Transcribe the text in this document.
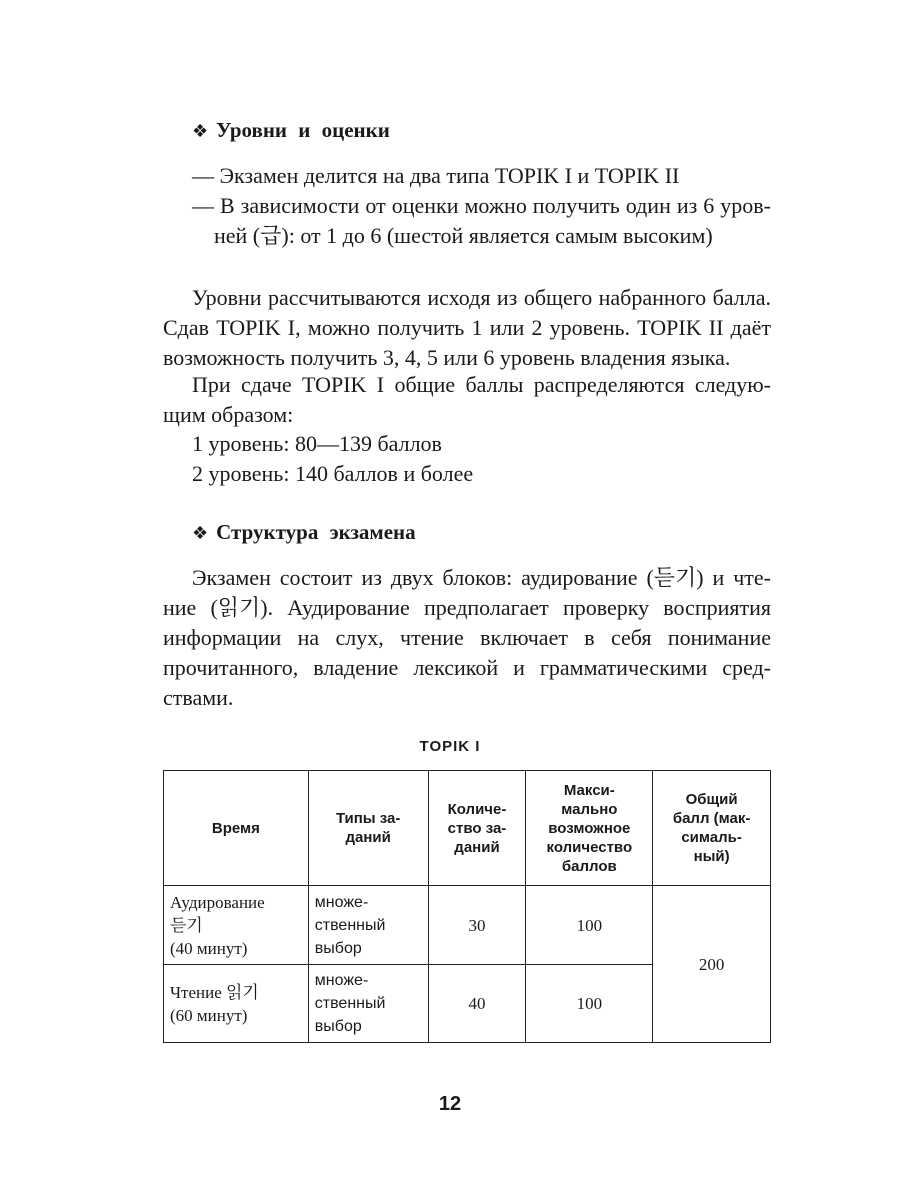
❖ Уровни и оценки
— Экзамен делится на два типа TOPIK I и TOPIK II
— В зависимости от оценки можно получить один из 6 уров-
ней (급): от 1 до 6 (шестой является самым высоким)
Уровни рассчитываются исходя из общего набранного балла.
Сдав TOPIK I, можно получить 1 или 2 уровень. TOPIK II даёт
возможность получить 3, 4, 5 или 6 уровень владения языка.
При сдаче TOPIK I общие баллы распределяются следую-
щим образом:
1 уровень: 80—139 баллов
2 уровень: 140 баллов и более
❖ Структура экзамена
Экзамен состоит из двух блоков: аудирование (듣기) и чте-
ние (읽기). Аудирование предполагает проверку восприятия
информации на слух, чтение включает в себя понимание
прочитанного, владение лексикой и грамматическими сред-
ствами.
TOPIK I
Время	Типы за-
даний	Количе-
ство за-
даний	Макси-
мально
возможное
количество
баллов	Общий
балл (мак-
сималь-
ный)
Аудирование
듣기
(40 минут)	множе-
ственный
выбор	30	100	200
Чтение 읽기
(60 минут)	множе-
ственный
выбор	40	100	
12
